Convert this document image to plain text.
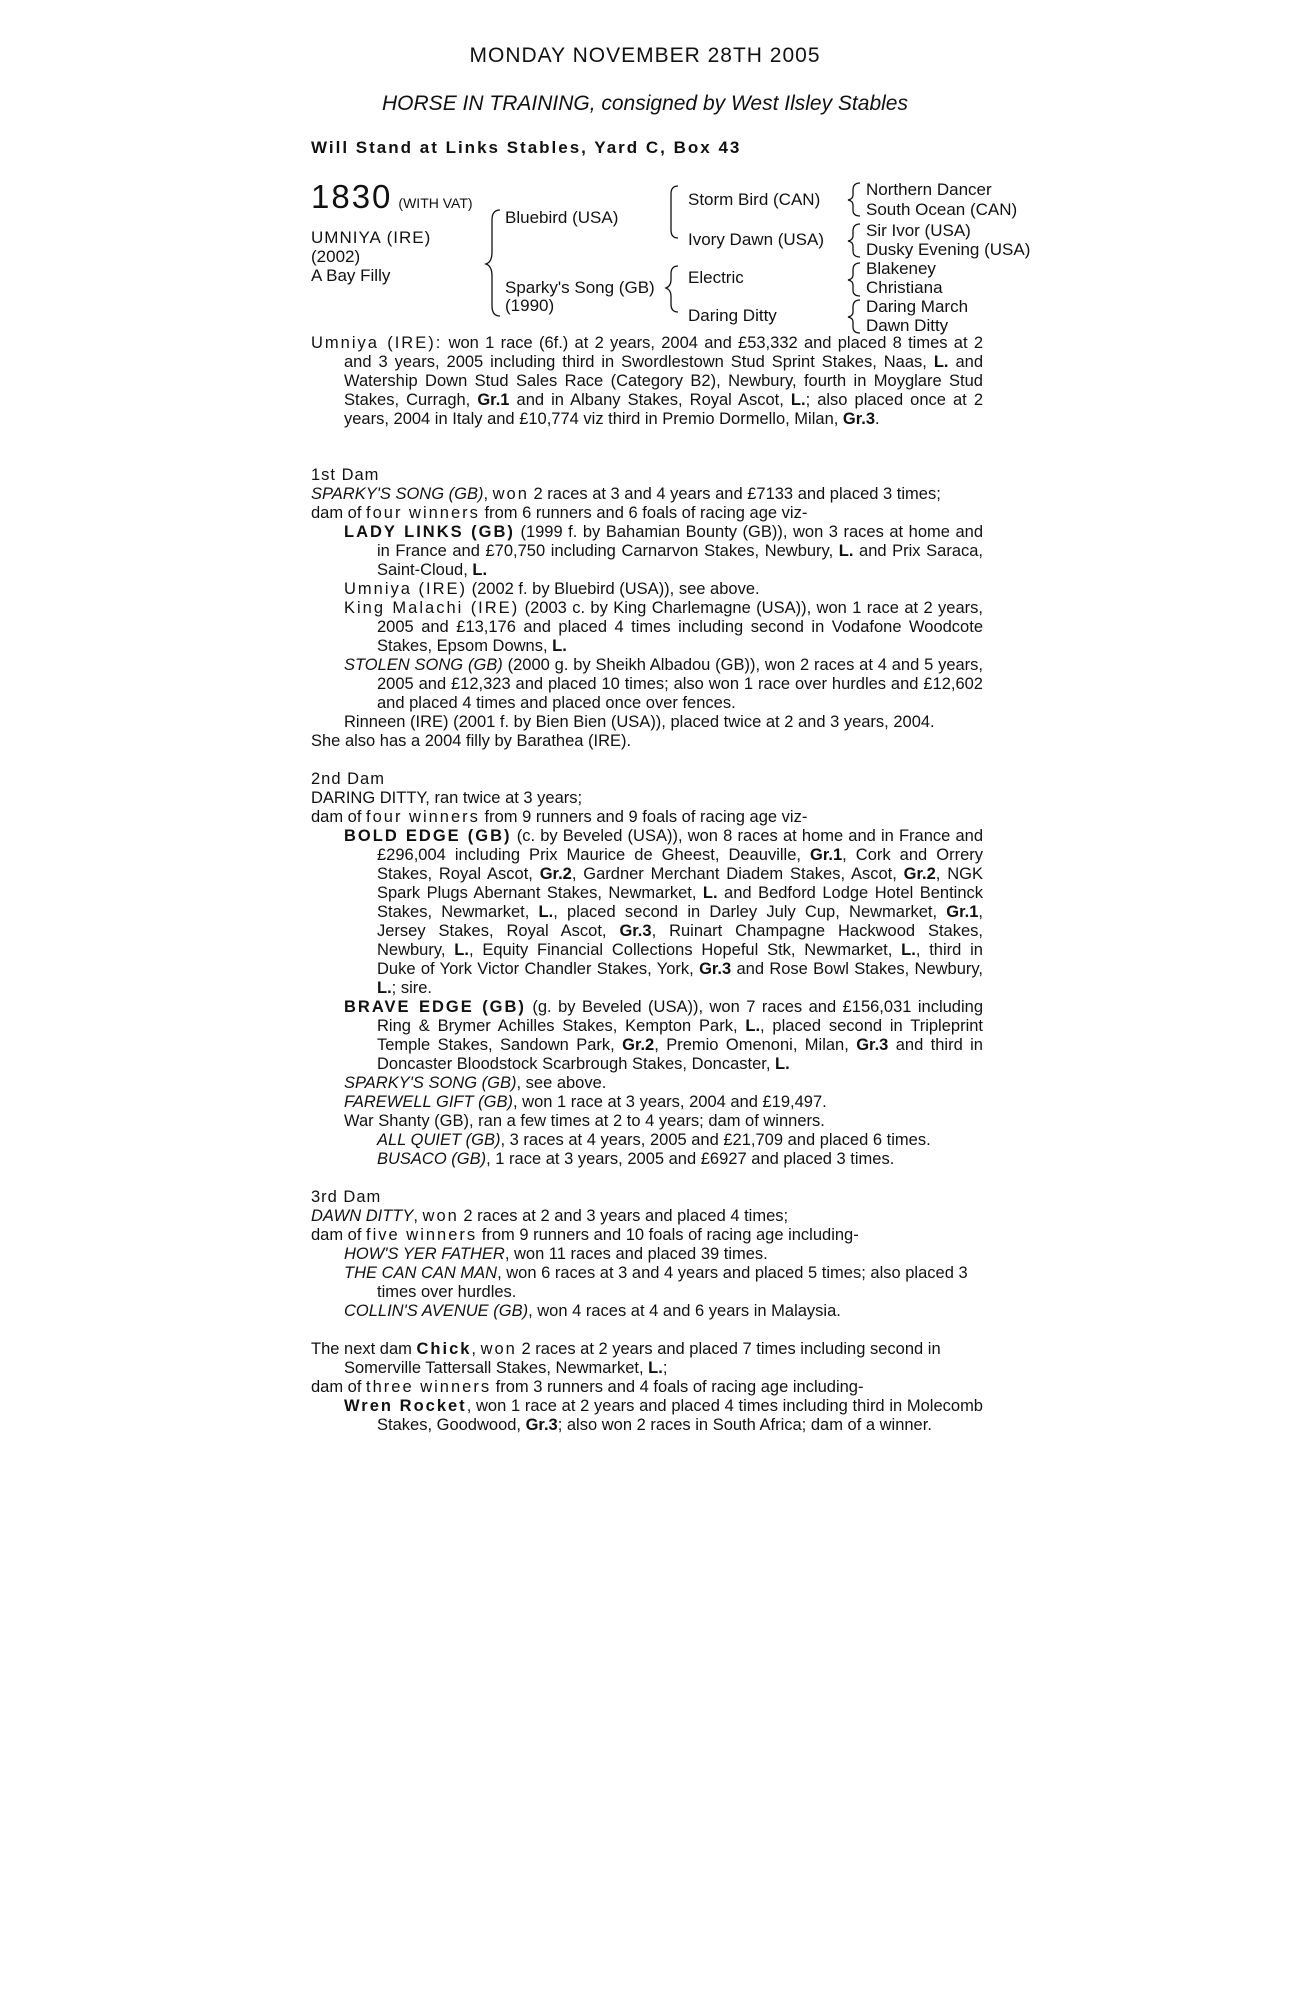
MONDAY NOVEMBER 28TH 2005
HORSE IN TRAINING, consigned by West Ilsley Stables
Will Stand at Links Stables, Yard C, Box 43
1830 (WITH VAT)
UMNIYA (IRE)
(2002)
A Bay Filly
Bluebird (USA)
Sparky's Song (GB)
(1990)
Storm Bird (CAN)
Ivory Dawn (USA)
Electric
Daring Ditty
Northern Dancer
South Ocean (CAN)
Sir Ivor (USA)
Dusky Evening (USA)
Blakeney
Christiana
Daring March
Dawn Ditty

Umniya (IRE): won 1 race (6f.) at 2 years, 2004 and £53,332 and placed 8 times at 2 and 3 years, 2005 including third in Swordlestown Stud Sprint Stakes, Naas, L. and Watership Down Stud Sales Race (Category B2), Newbury, fourth in Moyglare Stud Stakes, Curragh, Gr.1 and in Albany Stakes, Royal Ascot, L.; also placed once at 2 years, 2004 in Italy and £10,774 viz third in Premio Dormello, Milan, Gr.3.

1st Dam

SPARKY'S SONG (GB), won 2 races at 3 and 4 years and £7133 and placed 3 times;

dam of four winners from 6 runners and 6 foals of racing age viz-

LADY LINKS (GB) (1999 f. by Bahamian Bounty (GB)), won 3 races at home and in France and £70,750 including Carnarvon Stakes, Newbury, L. and Prix Saraca, Saint-Cloud, L.

Umniya (IRE) (2002 f. by Bluebird (USA)), see above.

King Malachi (IRE) (2003 c. by King Charlemagne (USA)), won 1 race at 2 years, 2005 and £13,176 and placed 4 times including second in Vodafone Woodcote Stakes, Epsom Downs, L.

STOLEN SONG (GB) (2000 g. by Sheikh Albadou (GB)), won 2 races at 4 and 5 years, 2005 and £12,323 and placed 10 times; also won 1 race over hurdles and £12,602 and placed 4 times and placed once over fences.

Rinneen (IRE) (2001 f. by Bien Bien (USA)), placed twice at 2 and 3 years, 2004.

She also has a 2004 filly by Barathea (IRE).

2nd Dam

DARING DITTY, ran twice at 3 years;

dam of four winners from 9 runners and 9 foals of racing age viz-

BOLD EDGE (GB) (c. by Beveled (USA)), won 8 races at home and in France and £296,004 including Prix Maurice de Gheest, Deauville, Gr.1, Cork and Orrery Stakes, Royal Ascot, Gr.2, Gardner Merchant Diadem Stakes, Ascot, Gr.2, NGK Spark Plugs Abernant Stakes, Newmarket, L. and Bedford Lodge Hotel Bentinck Stakes, Newmarket, L., placed second in Darley July Cup, Newmarket, Gr.1, Jersey Stakes, Royal Ascot, Gr.3, Ruinart Champagne Hackwood Stakes, Newbury, L., Equity Financial Collections Hopeful Stk, Newmarket, L., third in Duke of York Victor Chandler Stakes, York, Gr.3 and Rose Bowl Stakes, Newbury, L.; sire.

BRAVE EDGE (GB) (g. by Beveled (USA)), won 7 races and £156,031 including Ring & Brymer Achilles Stakes, Kempton Park, L., placed second in Tripleprint Temple Stakes, Sandown Park, Gr.2, Premio Omenoni, Milan, Gr.3 and third in Doncaster Bloodstock Scarbrough Stakes, Doncaster, L.

SPARKY'S SONG (GB), see above.

FAREWELL GIFT (GB), won 1 race at 3 years, 2004 and £19,497.

War Shanty (GB), ran a few times at 2 to 4 years; dam of winners.

ALL QUIET (GB), 3 races at 4 years, 2005 and £21,709 and placed 6 times.

BUSACO (GB), 1 race at 3 years, 2005 and £6927 and placed 3 times.

3rd Dam

DAWN DITTY, won 2 races at 2 and 3 years and placed 4 times;

dam of five winners from 9 runners and 10 foals of racing age including-

HOW'S YER FATHER, won 11 races and placed 39 times.

THE CAN CAN MAN, won 6 races at 3 and 4 years and placed 5 times; also placed 3 times over hurdles.

COLLIN'S AVENUE (GB), won 4 races at 4 and 6 years in Malaysia.

The next dam Chick, won 2 races at 2 years and placed 7 times including second in Somerville Tattersall Stakes, Newmarket, L.;

dam of three winners from 3 runners and 4 foals of racing age including-

Wren Rocket, won 1 race at 2 years and placed 4 times including third in Molecomb Stakes, Goodwood, Gr.3; also won 2 races in South Africa; dam of a winner.
